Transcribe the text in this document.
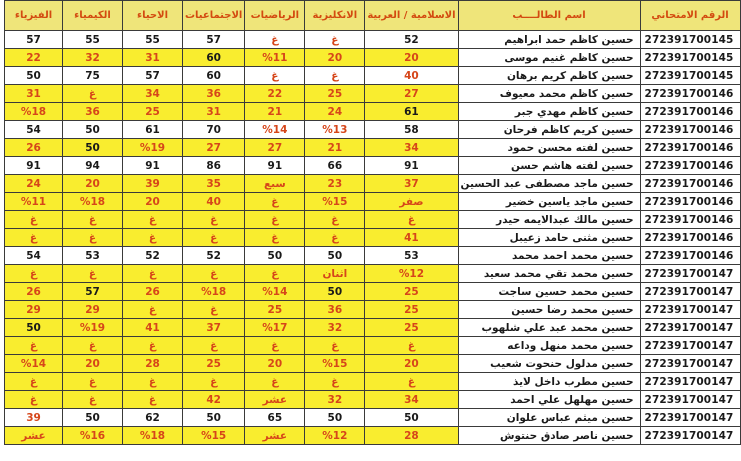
الفيزياء	الكيمياء	الاحياء	الاجتماعيات	الرياضيات	الانكليزية	الاسلامية / العربية	اسم الطالــــب	الرقم الامتحاني
57	55	55	57	غ	غ	52	حسين كاظم حمد ابراهيم	272391700145
22	32	31	60	%11	20	20	حسين كاظم غنيم موسى	272391700145
50	75	57	60	غ	غ	40	حسين كاظم كريم برهان	272391700145
31	غ	34	36	22	25	27	حسين كاظم محمد معيوف	272391700146
%18	36	25	31	21	24	61	حسين كاظم مهدي جبر	272391700146
54	50	61	70	%14	%13	58	حسين كريم كاظم فرحان	272391700146
26	50	%19	27	27	21	34	حسين لفته محسن حمود	272391700146
91	94	91	86	91	66	91	حسين لفته هاشم حسن	272391700146
24	20	39	35	سبع	23	37	حسين ماجد مصطفى عبد الحسين	272391700146
%11	%18	20	40	غ	%15	صفر	حسين ماجد ياسين خضير	272391700146
غ	غ	غ	غ	غ	غ	غ	حسين مالك عبدالايمه حيدر	272391700146
غ	غ	غ	غ	غ	غ	41	حسين مثنى حامد زعيبل	272391700146
54	53	52	52	50	50	53	حسين محمد احمد محمد	272391700146
غ	غ	غ	غ	غ	اثنان	%12	حسين محمد تقي محمد سعيد	272391700147
26	57	26	%18	%14	50	25	حسين محمد حسين ساجت	272391700147
29	29	غ	غ	25	36	25	حسين محمد رضا حسين	272391700147
50	%19	41	37	%17	32	25	حسين محمد عبد علي شلهوب	272391700147
غ	غ	غ	غ	غ	غ	غ	حسين محمد منهل وداعه	272391700147
%14	20	28	25	20	%15	20	حسين مدلول حنحوت شعيب	272391700147
غ	غ	غ	غ	غ	غ	غ	حسين مطرب داخل لايذ	272391700147
غ	غ	غ	42	عشر	32	34	حسين مهلهل علي احمد	272391700147
39	50	62	50	65	50	50	حسين ميثم عباس علوان	272391700147
عشر	%16	%18	%15	عشر	%12	28	حسين ناصر صادق حنتوش	272391700147
